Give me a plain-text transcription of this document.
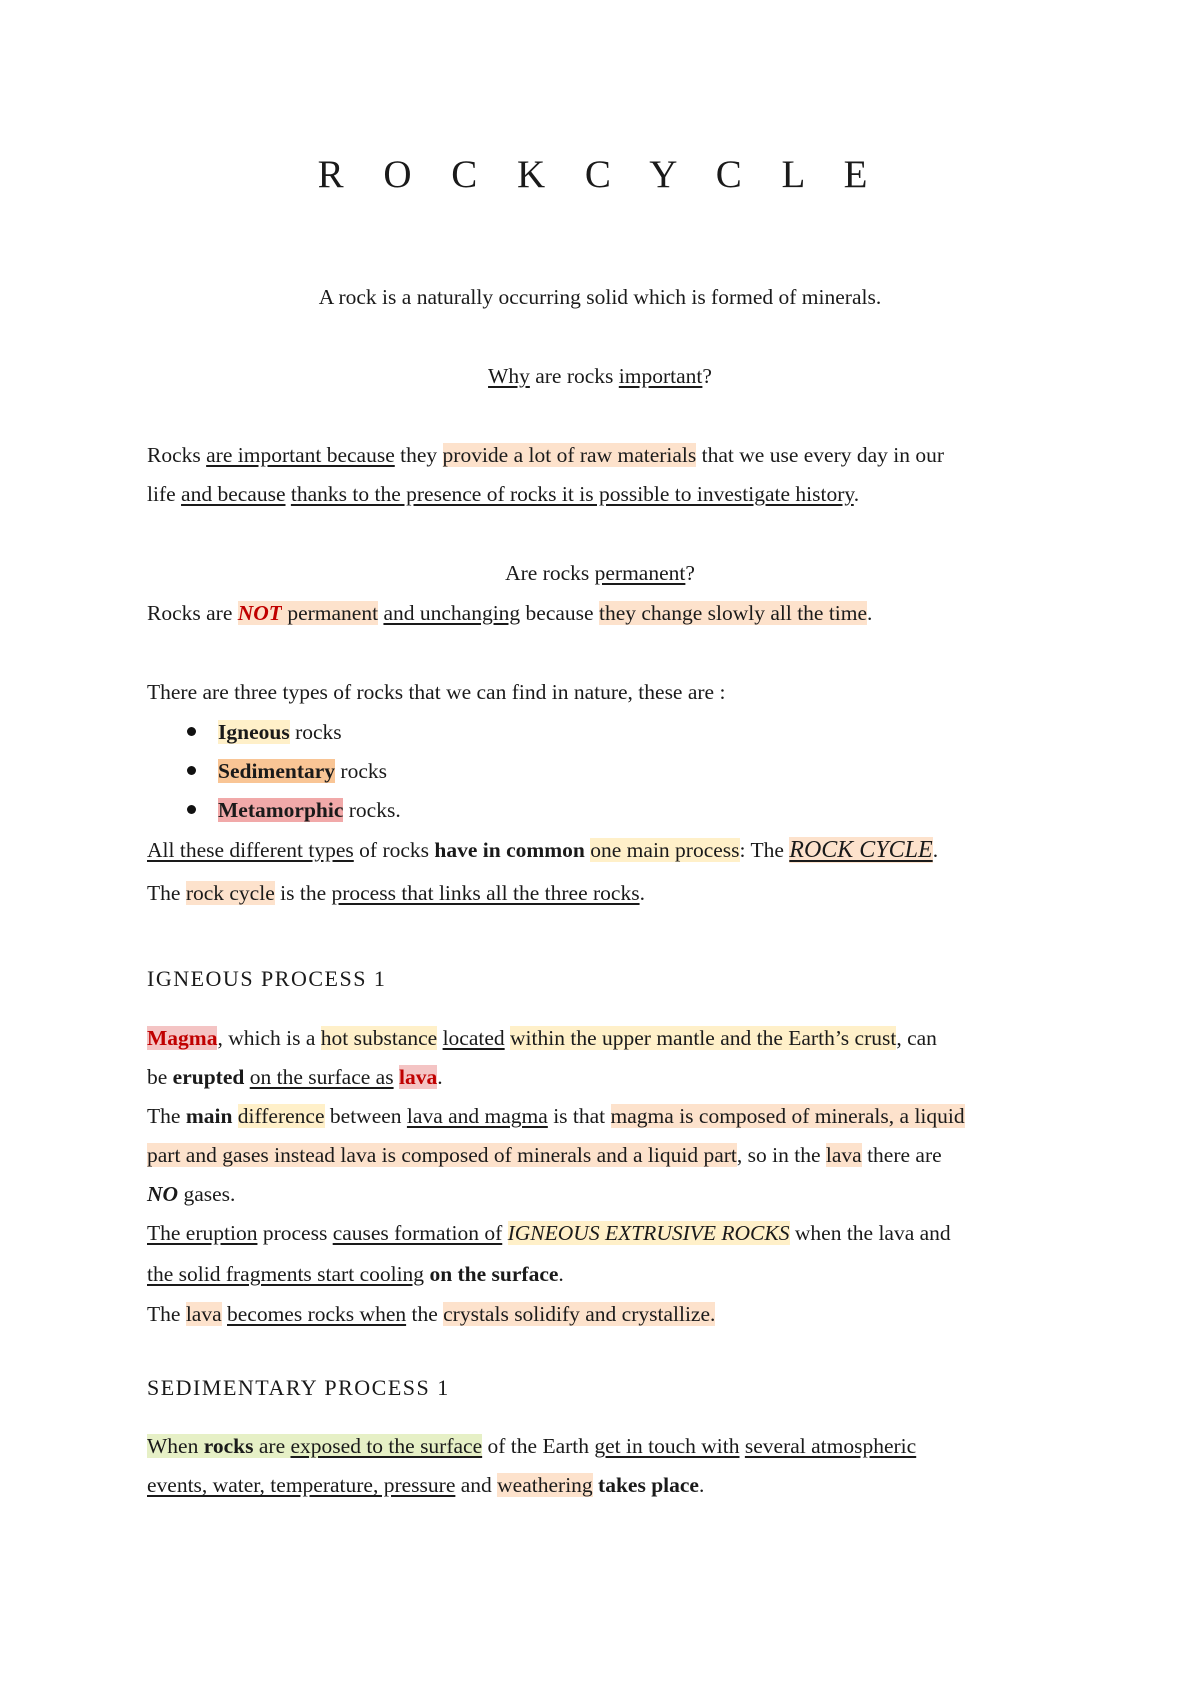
R O C K C Y C L E
A rock is a naturally occurring solid which is formed of minerals.
Why are rocks important?
Rocks are important because they provide a lot of raw materials that we use every day in our
life and because thanks to the presence of rocks it is possible to investigate history.
Are rocks permanent?
Rocks are NOT permanent and unchanging because they change slowly all the time.
There are three types of rocks that we can find in nature, these are :
Igneous rocks
Sedimentary rocks
Metamorphic rocks.
All these different types of rocks have in common one main process: The ROCK CYCLE.
The rock cycle is the process that links all the three rocks.
IGNEOUS PROCESS 1
Magma, which is a hot substance located within the upper mantle and the Earth’s crust, can
be erupted on the surface as lava.
The main difference between lava and magma is that magma is composed of minerals, a liquid
part and gases instead lava is composed of minerals and a liquid part, so in the lava there are
NO gases.
The eruption process causes formation of IGNEOUS EXTRUSIVE ROCKS when the lava and
the solid fragments start cooling on the surface.
The lava becomes rocks when the crystals solidify and crystallize.
SEDIMENTARY PROCESS 1
When rocks are exposed to the surface of the Earth get in touch with several atmospheric
events, water, temperature, pressure and weathering takes place.
